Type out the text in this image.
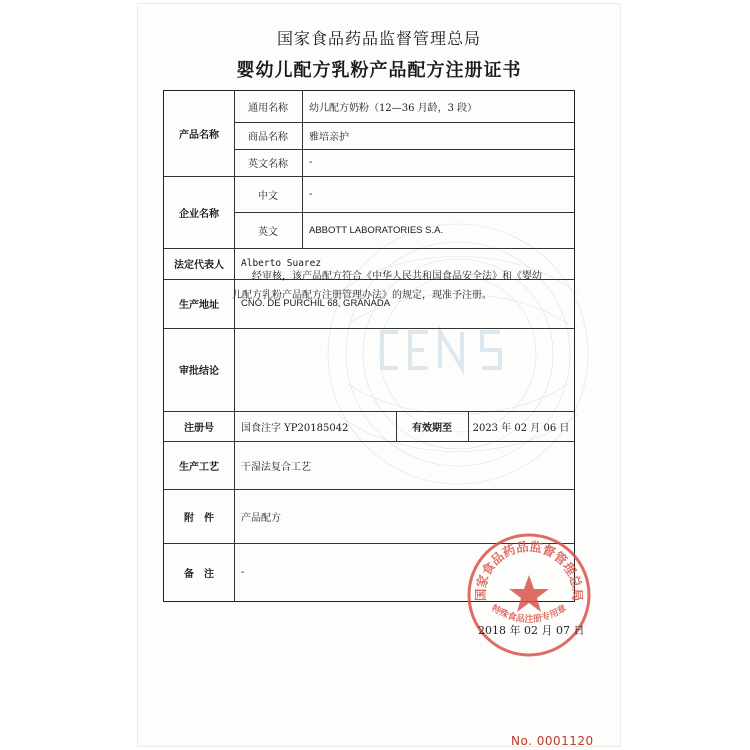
国家食品药品监督管理总局
婴幼儿配方乳粉产品配方注册证书
产品名称
通用名称	幼儿配方奶粉（12—36 月龄，3 段）
商品名称	雅培亲护
英文名称	-
企业名称
中文	-
英文	ABBOTT LABORATORIES S.A.
法定代表人	Alberto Suarez
生产地址	CNO. DE PURCHIL 68, GRANADA
审批结论
注册号	国食注字 YP20185042	有效期至	2023 年 02 月 06 日
生产工艺	干湿法复合工艺
附　件	产品配方
备　注	-
经审核，该产品配方符合《中华人民共和国食品安全法》和《婴幼儿配方乳粉产品配方注册管理办法》的规定，现准予注册。
国家食品药品监督管理总局
特殊食品注册专用章
2018 年 02 月 07 日
No. 0001120
